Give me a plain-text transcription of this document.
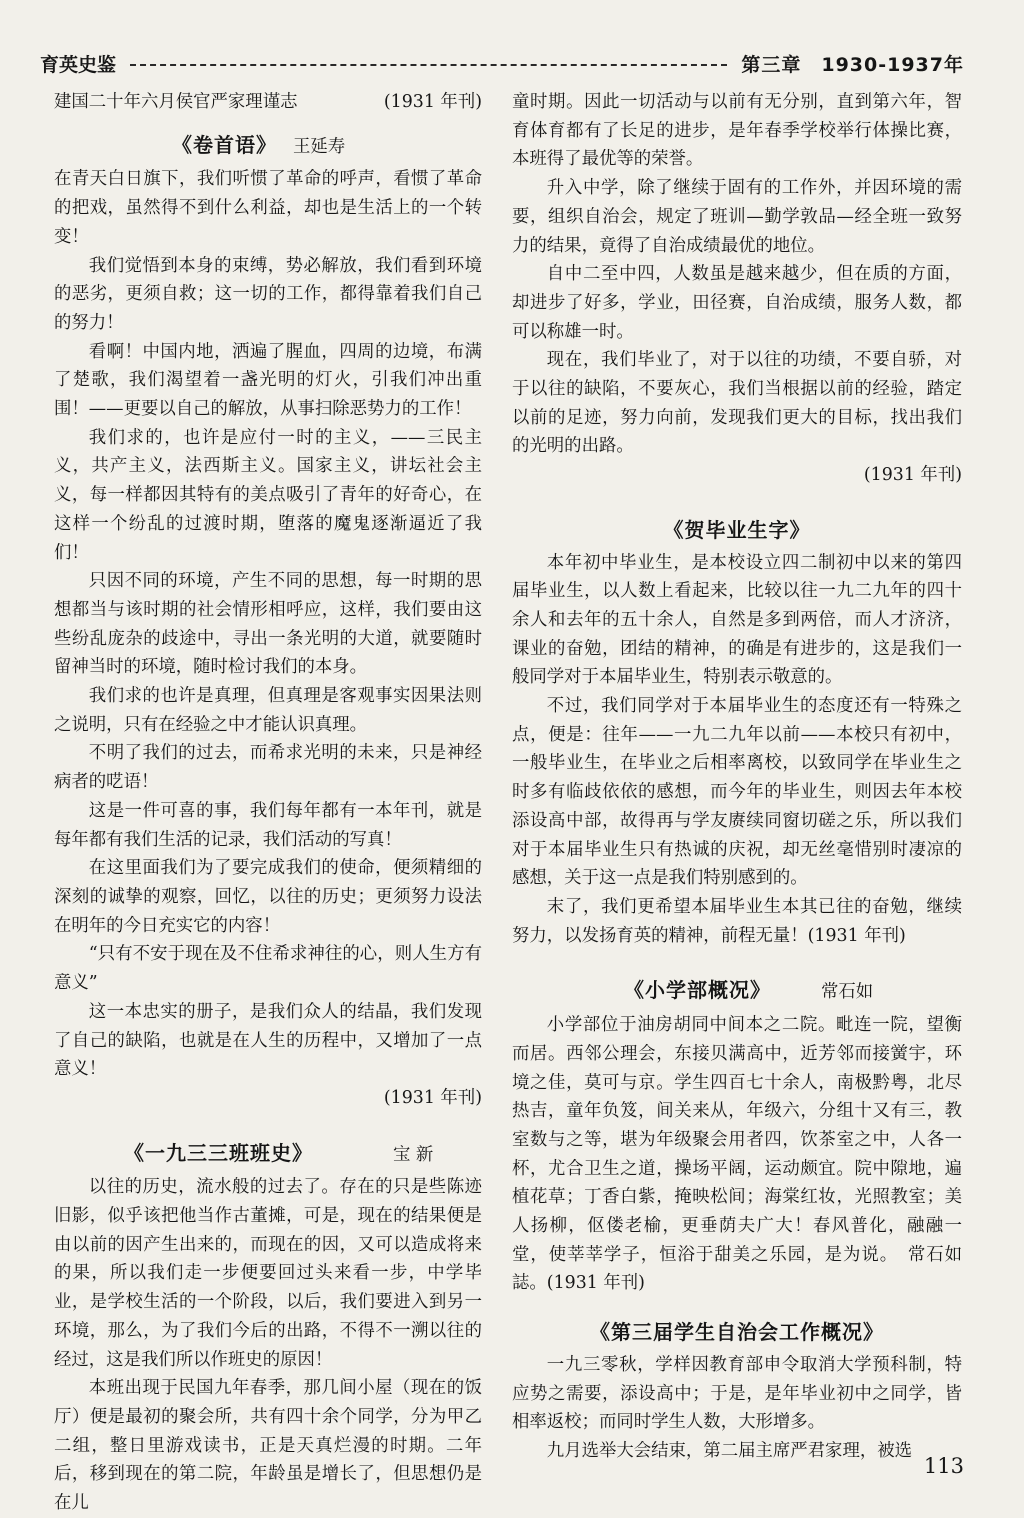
育英史鉴	第三章　1930-1937年

建国二十年六月侯官严家理谨志	(1931 年刊)

《卷首语》 王延寿

在青天白日旗下，我们听惯了革命的呼声，看惯了革命的把戏，虽然得不到什么利益，却也是生活上的一个转变！

我们觉悟到本身的束缚，势必解放，我们看到环境的恶劣，更须自救；这一切的工作，都得靠着我们自己的努力！

看啊！中国内地，洒遍了腥血，四周的边境，布满了楚歌，我们渴望着一盏光明的灯火，引我们冲出重围！——更要以自己的解放，从事扫除恶势力的工作！

我们求的，也许是应付一时的主义，——三民主义，共产主义，法西斯主义。国家主义，讲坛社会主义，每一样都因其特有的美点吸引了青年的好奇心，在这样一个纷乱的过渡时期，堕落的魔鬼逐渐逼近了我们！

只因不同的环境，产生不同的思想，每一时期的思想都当与该时期的社会情形相呼应，这样，我们要由这些纷乱庞杂的歧途中，寻出一条光明的大道，就要随时留神当时的环境，随时检讨我们的本身。

我们求的也许是真理，但真理是客观事实因果法则之说明，只有在经验之中才能认识真理。

不明了我们的过去，而希求光明的未来，只是神经病者的呓语！

这是一件可喜的事，我们每年都有一本年刊，就是每年都有我们生活的记录，我们活动的写真！

在这里面我们为了要完成我们的使命，便须精细的深刻的诚挚的观察，回忆，以往的历史；更须努力设法在明年的今日充实它的内容！

“只有不安于现在及不住希求神往的心，则人生方有意义”

这一本忠实的册子，是我们众人的结晶，我们发现了自己的缺陷，也就是在人生的历程中，又增加了一点意义！

(1931 年刊)

《一九三三班班史》	宝 新

以往的历史，流水般的过去了。存在的只是些陈迹旧影，似乎该把他当作古董摊，可是，现在的结果便是由以前的因产生出来的，而现在的因，又可以造成将来的果，所以我们走一步便要回过头来看一步，中学毕业，是学校生活的一个阶段，以后，我们要进入到另一环境，那么，为了我们今后的出路，不得不一溯以往的经过，这是我们所以作班史的原因！

本班出现于民国九年春季，那几间小屋（现在的饭厅）便是最初的聚会所，共有四十余个同学，分为甲乙二组，整日里游戏读书，正是天真烂漫的时期。二年后，移到现在的第二院，年龄虽是增长了，但思想仍是在儿

童时期。因此一切活动与以前有无分别，直到第六年，智育体育都有了长足的进步，是年春季学校举行体操比赛，本班得了最优等的荣誉。

升入中学，除了继续于固有的工作外，并因环境的需要，组织自治会，规定了班训—勤学敦品—经全班一致努力的结果，竟得了自治成绩最优的地位。

自中二至中四，人数虽是越来越少，但在质的方面，却进步了好多，学业，田径赛，自治成绩，服务人数，都可以称雄一时。

现在，我们毕业了，对于以往的功绩，不要自骄，对于以往的缺陷，不要灰心，我们当根据以前的经验，踏定以前的足迹，努力向前，发现我们更大的目标，找出我们的光明的出路。

(1931 年刊)

《贺毕业生字》

本年初中毕业生，是本校设立四二制初中以来的第四届毕业生，以人数上看起来，比较以往一九二九年的四十余人和去年的五十余人，自然是多到两倍，而人才济济，课业的奋勉，团结的精神，的确是有进步的，这是我们一般同学对于本届毕业生，特别表示敬意的。

不过，我们同学对于本届毕业生的态度还有一特殊之点，便是：往年——一九二九年以前——本校只有初中，一般毕业生，在毕业之后相率离校，以致同学在毕业生之时多有临歧依依的感想，而今年的毕业生，则因去年本校添设高中部，故得再与学友赓续同窗切磋之乐，所以我们对于本届毕业生只有热诚的庆祝，却无丝毫惜别时凄凉的感想，关于这一点是我们特别感到的。

末了，我们更希望本届毕业生本其已往的奋勉，继续努力，以发扬育英的精神，前程无量！(1931 年刊)

《小学部概况》	常石如

小学部位于油房胡同中间本之二院。毗连一院，望衡而居。西邻公理会，东接贝满高中，近芳邻而接黉宇，环境之佳，莫可与京。学生四百七十余人，南极黔粤，北尽热吉，童年负笈，间关来从，年级六，分组十又有三，教室数与之等，堪为年级聚会用者四，饮茶室之中，人各一杯，尤合卫生之道，操场平阔，运动颇宜。院中隙地，遍植花草；丁香白紫，掩映松间；海棠红妆，光照教室；美人扬柳，伛偻老榆，更垂荫夫广大！春风普化，融融一堂，使莘莘学子，恒浴于甜美之乐园，是为说。　常石如誌。(1931 年刊)

《第三届学生自治会工作概况》

一九三零秋，学样因教育部申令取消大学预科制，特应势之需要，添设高中；于是，是年毕业初中之同学，皆相率返校；而同时学生人数，大形增多。

九月选举大会结束，第二届主席严君家理，被选

113
